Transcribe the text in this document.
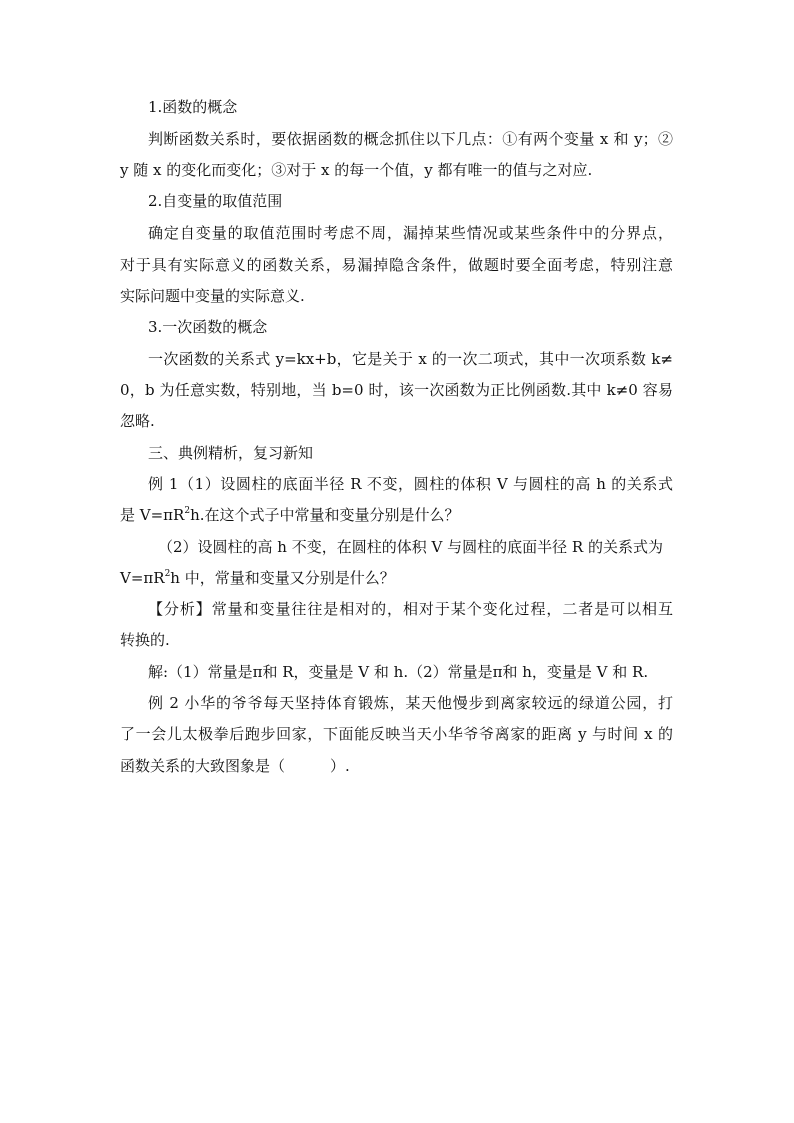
1.函数的概念
判断函数关系时，要依据函数的概念抓住以下几点：①有两个变量 x 和 y；②
y 随 x 的变化而变化；③对于 x 的每一个值，y 都有唯一的值与之对应.
2.自变量的取值范围
确定自变量的取值范围时考虑不周，漏掉某些情况或某些条件中的分界点，
对于具有实际意义的函数关系，易漏掉隐含条件，做题时要全面考虑，特别注意
实际问题中变量的实际意义.
3.一次函数的概念
一次函数的关系式 y=kx+b，它是关于 x 的一次二项式，其中一次项系数 k≠
0，b 为任意实数，特别地，当 b=0 时，该一次函数为正比例函数.其中 k≠0 容易
忽略.
三、典例精析，复习新知
例 1（1）设圆柱的底面半径 R 不变，圆柱的体积 V 与圆柱的高 h 的关系式
是 $V=\pi R^2h$.在这个式子中常量和变量分别是什么？
（2）设圆柱的高 h 不变，在圆柱的体积 V 与圆柱的底面半径 R 的关系式为
$V=\pi R^2h$ 中，常量和变量又分别是什么？
【分析】常量和变量往往是相对的，相对于某个变化过程，二者是可以相互
转换的.
解:（1）常量是π和 R，变量是 V 和 h.（2）常量是π和 h，变量是 V 和 R.
例 2 小华的爷爷每天坚持体育锻炼，某天他慢步到离家较远的绿道公园，打
了一会儿太极拳后跑步回家，下面能反映当天小华爷爷离家的距离 y 与时间 x 的
函数关系的大致图象是（　　　）.
